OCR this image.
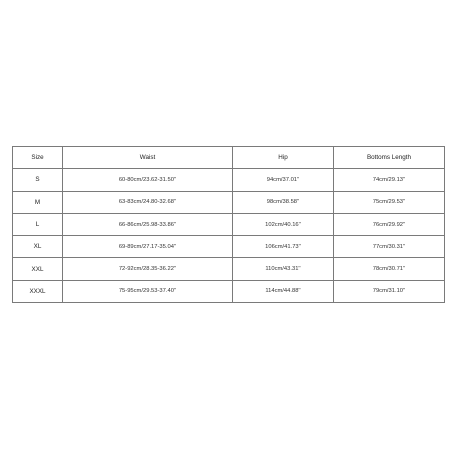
Size	Waist	Hip	Bottoms Length
S	60-80cm/23.62-31.50''	94cm/37.01''	74cm/29.13''
M	63-83cm/24.80-32.68''	98cm/38.58''	75cm/29.53''
L	66-86cm/25.98-33.86''	102cm/40.16''	76cm/29.92''
XL	69-89cm/27.17-35.04''	106cm/41.73''	77cm/30.31''
XXL	72-92cm/28.35-36.22''	110cm/43.31''	78cm/30.71''
XXXL	75-95cm/29.53-37.40''	114cm/44.88''	79cm/31.10''
